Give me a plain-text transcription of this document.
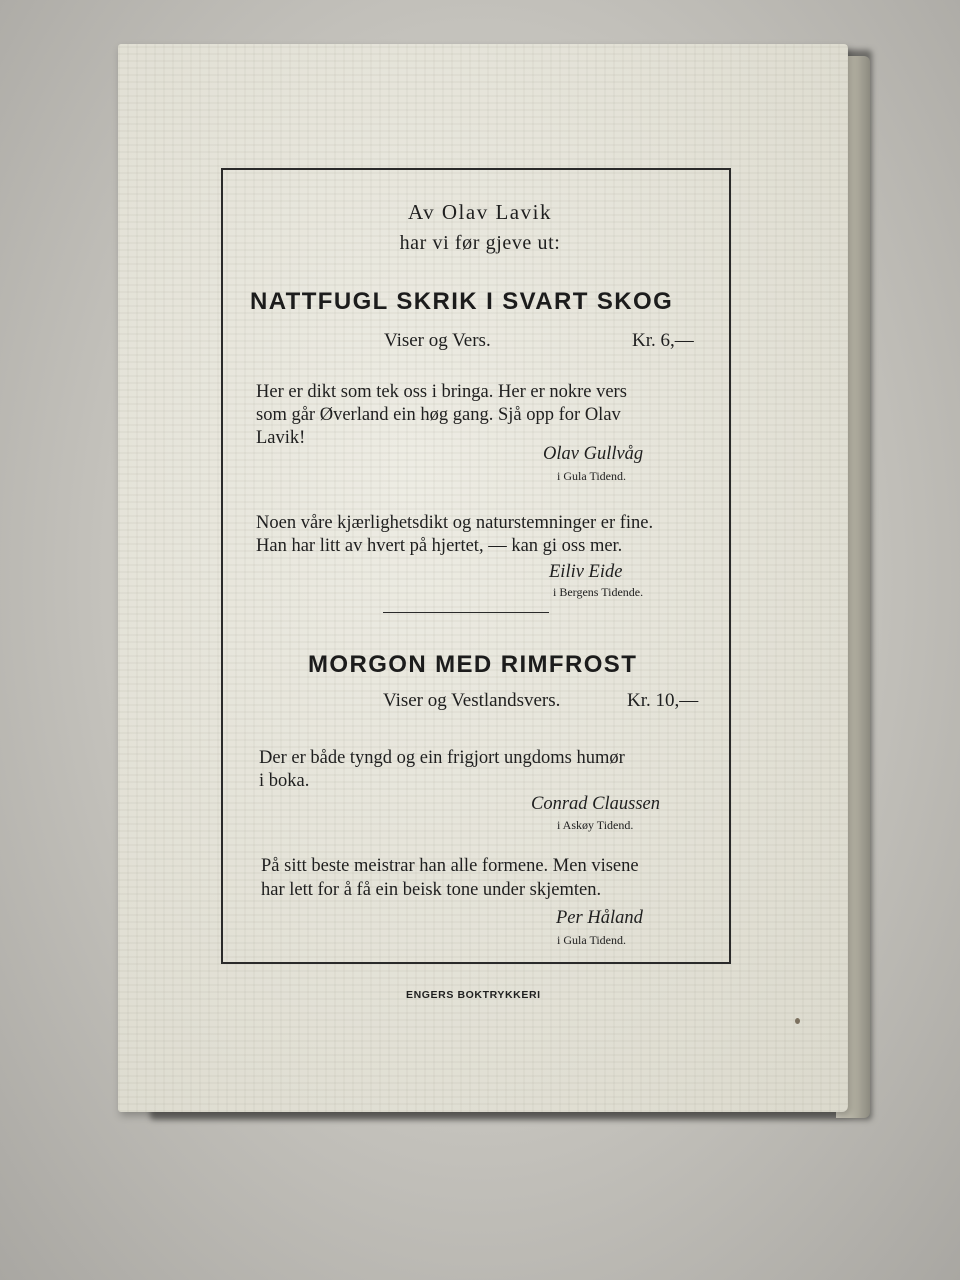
Av Olav Lavik
har vi før gjeve ut:
NATTFUGL SKRIK I SVART SKOG
Viser og Vers.	Kr. 6,—
Her er dikt som tek oss i bringa. Her er nokre vers
som går Øverland ein høg gang. Sjå opp for Olav
Lavik!
Olav Gullvåg
i Gula Tidend.
Noen våre kjærlighetsdikt og naturstemninger er fine.
Han har litt av hvert på hjertet, — kan gi oss mer.
Eiliv Eide
i Bergens Tidende.
MORGON MED RIMFROST
Viser og Vestlandsvers.	Kr. 10,—
Der er både tyngd og ein frigjort ungdoms humør
i boka.
Conrad Claussen
i Askøy Tidend.
På sitt beste meistrar han alle formene. Men visene
har lett for å få ein beisk tone under skjemten.
Per Håland
i Gula Tidend.
ENGERS BOKTRYKKERI
